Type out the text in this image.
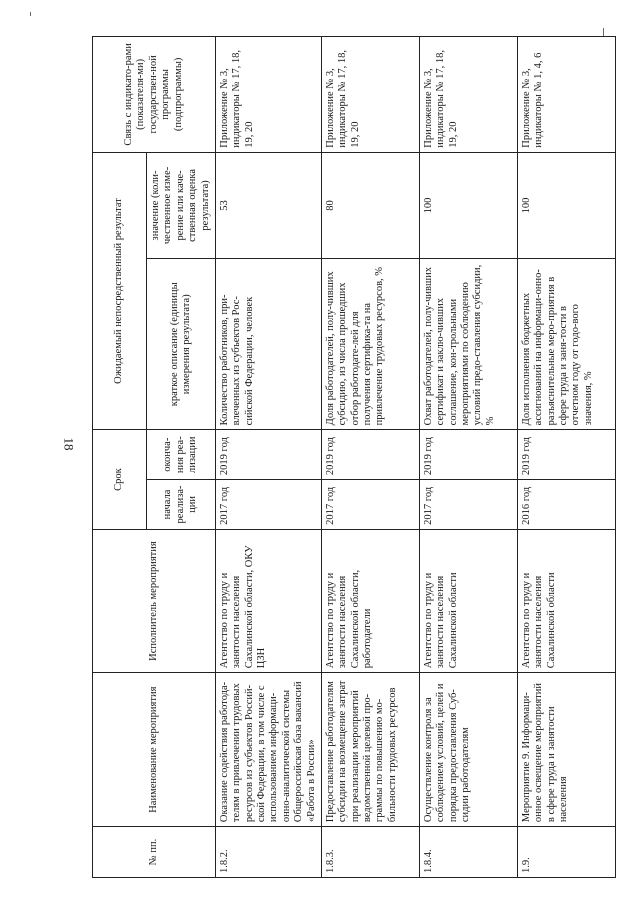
18
№ пп.	Наименование мероприятия	Исполнитель мероприятия	Срок		Ожидаемый непосредственный результат		Связь с индикато-рами (показателя-ми) государствен-ной программы (подпрограммы)
			начала реализа-ции	оконча-ния реа-лизации	краткое описание (единицы измерения результата)	значение (коли-чественное изме-рение или каче-ственная оценка результата)	
1.8.2.	Оказание содействия работода-телям в привлечении трудовых ресурсов из субъектов Россий-ской Федерации, в том числе с использованием информаци-онно-аналитической системы Общероссийская база вакансий «Работа в России»	Агентство по труду и занятости населения Сахалинской области, ОКУ ЦЗН	2017 год	2019 год	Количество работников, при-влеченных из субъектов Рос-сийской Федерации, человек	53	Приложение № 3, индикаторы № 17, 18, 19, 20
1.8.3.	Предоставление работодателям субсидии на возмещение затрат при реализации мероприятий ведомственной целевой про-граммы по повышению мо-бильности трудовых ресурсов	Агентство по труду и занятости населения Сахалинской области, работодатели	2017 год	2019 год	Доля работодателей, полу-чивших субсидию, из числа прошедших отбор работодате-лей для получения сертифика-та на привлечение трудовых ресурсов, %	80	Приложение № 3, индикаторы № 17, 18, 19, 20
1.8.4.	Осуществление контроля за соблюдением условий, целей и порядка предоставления Суб-сидии работодателям	Агентство по труду и занятости населения Сахалинской области	2017 год	2019 год	Охват работодателей, полу-чивших сертификат и заклю-чивших соглашение, кон-трольными мероприятиями по соблюдению условий предо-ставления субсидии, %	100	Приложение № 3, индикаторы № 17, 18, 19, 20
1.9.	Мероприятие 9. Информаци-онное освещение мероприятий в сфере труда и занятости населения	Агентство по труду и занятости населения Сахалинской области	2016 год	2019 год	Доля исполнения бюджетных ассигнований на информаци-онно-разъяснительные меро-приятия в сфере труда и заня-тости в отчетном году от годо-вого значения, %	100	Приложение № 3, индикаторы № 1, 4, 6
